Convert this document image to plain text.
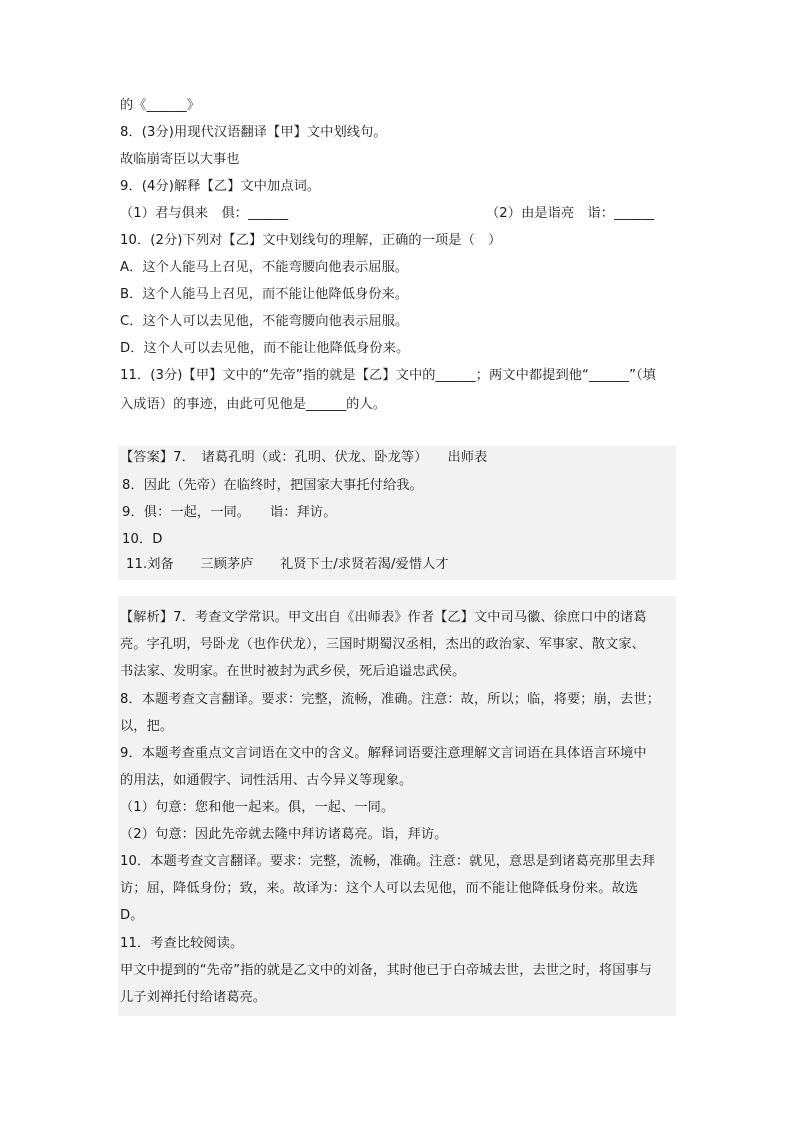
的《______》
8．(3分)用现代汉语翻译【甲】文中划线句。
故临崩寄臣以大事也
9．(4分)解释【乙】文中加点词。
（1）君与俱来　俱：______	（2）由是诣亮　诣：______
10．(2分)下列对【乙】文中划线句的理解，正确的一项是（　）
A．这个人能马上召见，不能弯腰向他表示屈服。
B．这个人能马上召见，而不能让他降低身份来。
C．这个人可以去见他，不能弯腰向他表示屈服。
D．这个人可以去见他，而不能让他降低身份来。
11．(3分)【甲】文中的“先帝”指的就是【乙】文中的______；两文中都提到他“______”（填
入成语）的事迹，由此可见他是______的人。
【答案】7．　诸葛孔明（或：孔明、伏龙、卧龙等）　　出师表
8．因此（先帝）在临终时，把国家大事托付给我。
9．俱：一起，一同。　　诣：拜访。
10．D
11.刘备　　三顾茅庐　　礼贤下士/求贤若渴/爱惜人才
【解析】7．考查文学常识。甲文出自《出师表》作者【乙】文中司马徽、徐庶口中的诸葛
亮。字孔明，号卧龙（也作伏龙），三国时期蜀汉丞相，杰出的政治家、军事家、散文家、
书法家、发明家。在世时被封为武乡侯，死后追谥忠武侯。
8．本题考查文言翻译。要求：完整，流畅，准确。注意：故，所以；临，将要；崩，去世；
以，把。
9．本题考查重点文言词语在文中的含义。解释词语要注意理解文言词语在具体语言环境中
的用法，如通假字、词性活用、古今异义等现象。
（1）句意：您和他一起来。俱，一起、一同。
（2）句意：因此先帝就去隆中拜访诸葛亮。诣，拜访。
10．本题考查文言翻译。要求：完整，流畅，准确。注意：就见，意思是到诸葛亮那里去拜
访；屈，降低身份；致，来。故译为：这个人可以去见他，而不能让他降低身份来。故选
D。
11．考查比较阅读。
甲文中提到的“先帝”指的就是乙文中的刘备，其时他已于白帝城去世，去世之时，将国事与
儿子刘禅托付给诸葛亮。
